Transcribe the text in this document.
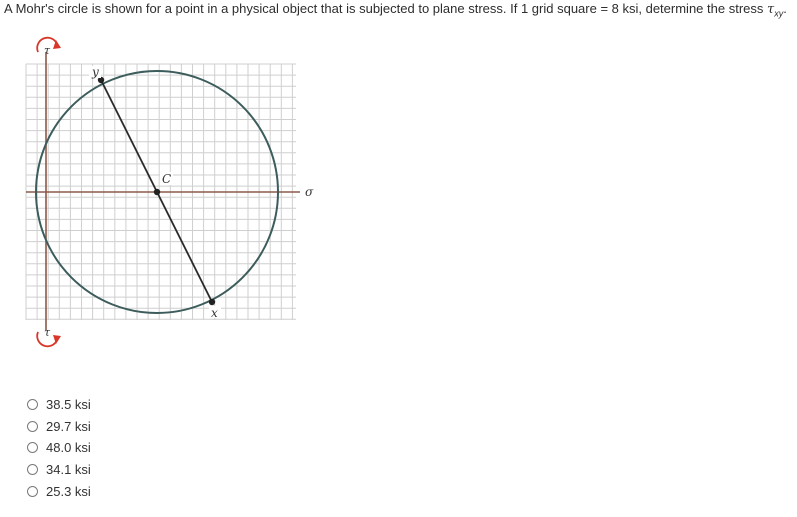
A Mohr's circle is shown for a point in a physical object that is subjected to plane stress. If 1 grid square = 8 ksi, determine the stress $\tau_{xy}$.
y
C
x
σ
τ
τ
38.5 ksi
29.7 ksi
48.0 ksi
34.1 ksi
25.3 ksi
